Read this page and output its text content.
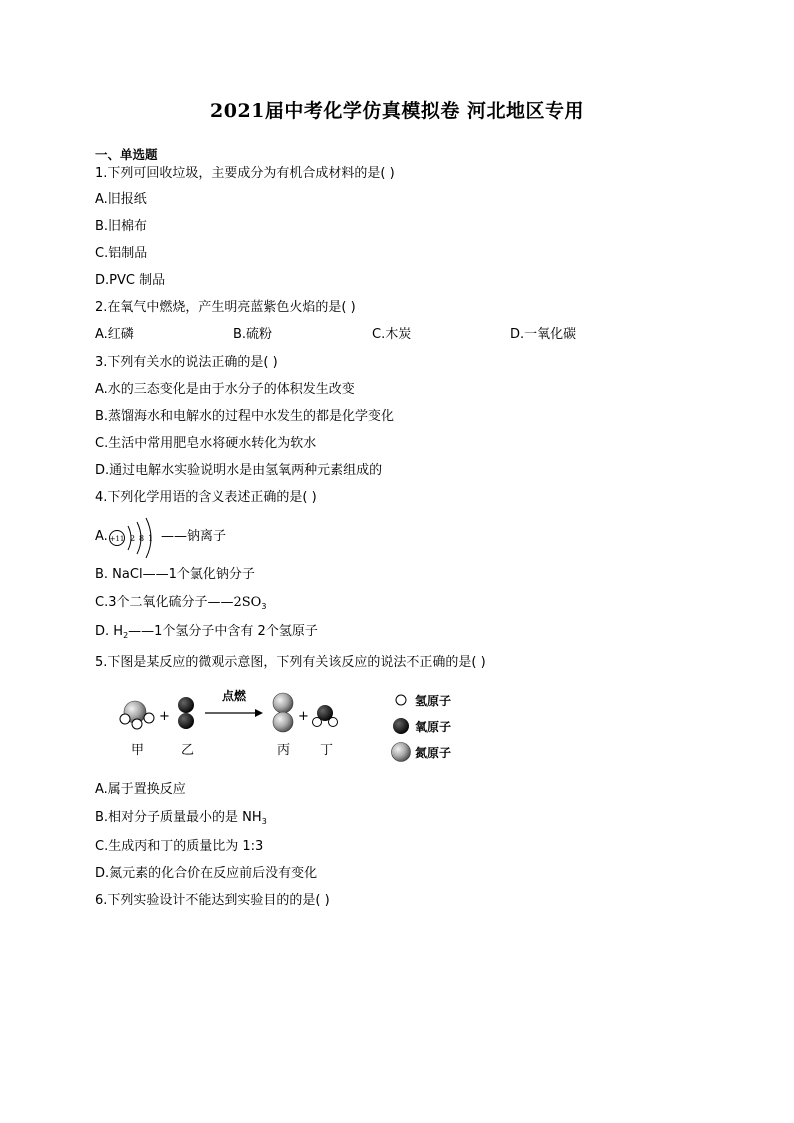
2021届中考化学仿真模拟卷 河北地区专用
一、单选题
1.下列可回收垃圾，主要成分为有机合成材料的是( )
A.旧报纸
B.旧棉布
C.铝制品
D.PVC 制品
2.在氧气中燃烧，产生明亮蓝紫色火焰的是( )
A.红磷	B.硫粉	C.木炭	D.一氧化碳
3.下列有关水的说法正确的是( )
A.水的三态变化是由于水分子的体积发生改变
B.蒸馏海水和电解水的过程中水发生的都是化学变化
C.生活中常用肥皂水将硬水转化为软水
D.通过电解水实验说明水是由氢氧两种元素组成的
4.下列化学用语的含义表述正确的是( )
A. +11 2 8 1 ——钠离子
B. NaCl——1个氯化钠分子
C.3个二氧化硫分子$——2SO_3$
D. $H_2——1$个氢分子中含有 2个氢原子
5.下图是某反应的微观示意图，下列有关该反应的说法不正确的是( )
+
点燃
+
甲	乙	丙 丁
氢原子
氧原子
氮原子
A.属于置换反应
B.相对分子质量最小的是 $NH_3$
C.生成丙和丁的质量比为 1:3
D.氮元素的化合价在反应前后没有变化
6.下列实验设计不能达到实验目的的是( )
